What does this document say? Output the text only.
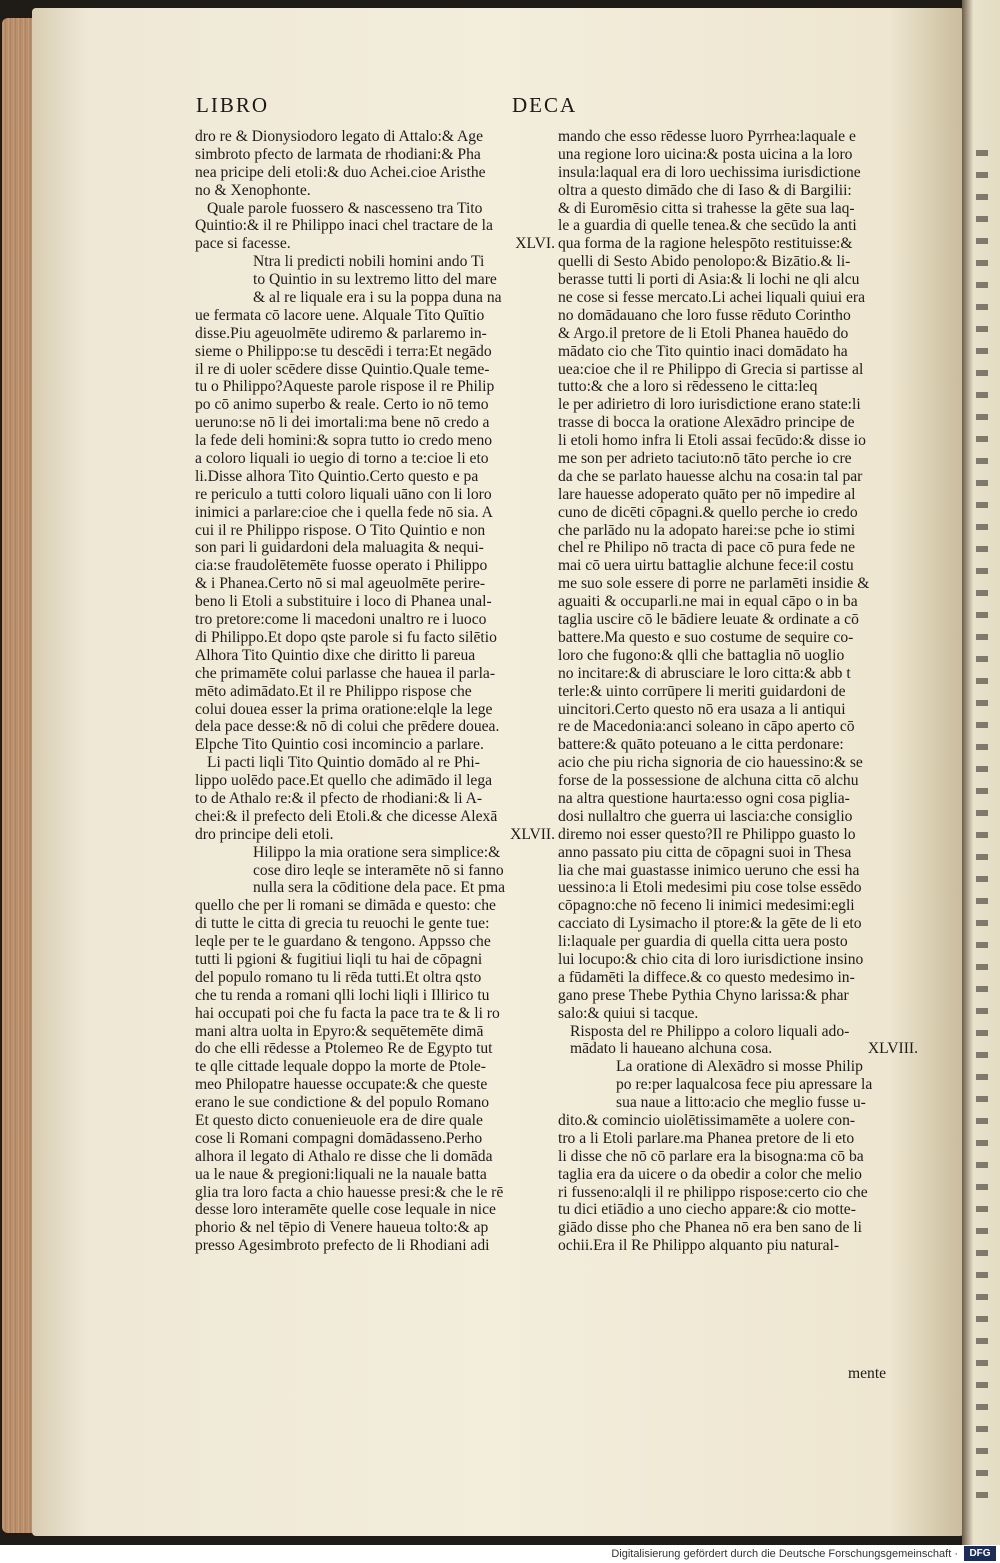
LIBRO	DECA
dro re & Dionysiodoro legato di Attalo:& Age
simbroto pfecto de larmata de rhodiani:& Pha
nea pricipe deli etoli:& duo Achei.cioe Aristhe
no & Xenophonte.
Quale parole fuossero & nascesseno tra Tito
Quintio:& il re Philippo inaci chel tractare de la
pace si facesse.	XLVI.
Ntra li predicti nobili homini ando Ti
to Quintio in su lextremo litto del mare
& al re liquale era i su la poppa duna na
ue fermata cō lacore uene. Alquale Tito Quītio
disse.Piu ageuolmēte udiremo & parlaremo in-
sieme o Philippo:se tu descēdi i terra:Et negādo
il re di uoler scēdere disse Quintio.Quale teme-
tu o Philippo?Aqueste parole rispose il re Philip
po cō animo superbo & reale. Certo io nō temo
ueruno:se nō li dei imortali:ma bene nō credo a
la fede deli homini:& sopra tutto io credo meno
a coloro liquali io uegio di torno a te:cioe li eto
li.Disse alhora Tito Quintio.Certo questo e pa
re periculo a tutti coloro liquali uāno con li loro
inimici a parlare:cioe che i quella fede nō sia. A
cui il re Philippo rispose. O Tito Quintio e non
son pari li guidardoni dela maluagita & nequi-
cia:se fraudolētemēte fuosse operato i Philippo
& i Phanea.Certo nō si mal ageuolmēte perire-
beno li Etoli a substituire i loco di Phanea unal-
tro pretore:come li macedoni unaltro re i luoco
di Philippo.Et dopo qste parole si fu facto silētio
Alhora Tito Quintio dixe che diritto li pareua
che primamēte colui parlasse che hauea il parla-
mēto adimādato.Et il re Philippo rispose che
colui douea esser la prima oratione:elqle la lege
dela pace desse:& nō di colui che prēdere douea.
Elpche Tito Quintio cosi incomincio a parlare.
Li pacti liqli Tito Quintio domādo al re Phi-
lippo uolēdo pace.Et quello che adimādo il lega
to de Athalo re:& il pfecto de rhodiani:& li A-
chei:& il prefecto deli Etoli.& che dicesse Alexā
dro principe deli etoli.	XLVII.
Hilippo la mia oratione sera simplice:&
cose diro leqle se interamēte nō si fanno
nulla sera la cōditione dela pace. Et pma
quello che per li romani se dimāda e questo: che
di tutte le citta di grecia tu reuochi le gente tue:
leqle per te le guardano & tengono. Appsso che
tutti li pgioni & fugitiui liqli tu hai de cōpagni
del populo romano tu li rēda tutti.Et oltra qsto
che tu renda a romani qlli lochi liqli i Illirico tu
hai occupati poi che fu facta la pace tra te & li ro
mani altra uolta in Epyro:& sequētemēte dimā
do che elli rēdesse a Ptolemeo Re de Egypto tut
te qlle cittade lequale doppo la morte de Ptole-
meo Philopatre hauesse occupate:& che queste
erano le sue condictione & del populo Romano
Et questo dicto conuenieuole era de dire quale
cose li Romani compagni domādasseno.Perho
alhora il legato di Athalo re disse che li domāda
ua le naue & pregioni:liquali ne la nauale batta
glia tra loro facta a chio hauesse presi:& che le rē
desse loro interamēte quelle cose lequale in nice
phorio & nel tēpio di Venere haueua tolto:& ap
presso Agesimbroto prefecto de li Rhodiani adi
mando che esso rēdesse luoro Pyrrhea:laquale e
una regione loro uicina:& posta uicina a la loro
insula:laqual era di loro uechissima iurisdictione
oltra a questo dimādo che di Iaso & di Bargilii:
& di Euromēsio citta si trahesse la gēte sua laq-
le a guardia di quelle tenea.& che secūdo la anti
qua forma de la ragione helespōto restituisse:&
quelli di Sesto Abido penolopo:& Bizātio.& li-
berasse tutti li porti di Asia:& li lochi ne qli alcu
ne cose si fesse mercato.Li achei liquali quiui era
no domādauano che loro fusse rēduto Corintho
& Argo.il pretore de li Etoli Phanea hauēdo do
mādato cio che Tito quintio inaci domādato ha
uea:cioe che il re Philippo di Grecia si partisse al
tutto:& che a loro si rēdesseno le citta:leq
le per adirietro di loro iurisdictione erano state:li
trasse di bocca la oratione Alexādro principe de
li etoli homo infra li Etoli assai fecūdo:& disse io
me son per adrieto taciuto:nō tāto perche io cre
da che se parlato hauesse alchu na cosa:in tal par
lare hauesse adoperato quāto per nō impedire al
cuno de dicēti cōpagni.& quello perche io credo
che parlādo nu la adopato harei:se pche io stimi
chel re Philipo nō tracta di pace cō pura fede ne
mai cō uera uirtu battaglie alchune fece:il costu
me suo sole essere di porre ne parlamēti insidie &
aguaiti & occuparli.ne mai in equal cāpo o in ba
taglia uscire cō le bādiere leuate & ordinate a cō
battere.Ma questo e suo costume de sequire co-
loro che fugono:& qlli che battaglia nō uoglio
no incitare:& di abrusciare le loro citta:& abb t
terle:& uinto corrūpere li meriti guidardoni de
uincitori.Certo questo nō era usaza a li antiqui
re de Macedonia:anci soleano in cāpo aperto cō
battere:& quāto poteuano a le citta perdonare:
acio che piu richa signoria de cio hauessino:& se
forse de la possessione de alchuna citta cō alchu
na altra questione haurta:esso ogni cosa piglia-
dosi nullaltro che guerra ui lascia:che consiglio
diremo noi esser questo?Il re Philippo guasto lo
anno passato piu citta de cōpagni suoi in Thesa
lia che mai guastasse inimico ueruno che essi ha
uessino:a li Etoli medesimi piu cose tolse essēdo
cōpagno:che nō feceno li inimici medesimi:egli
cacciato di Lysimacho il ptore:& la gēte de li eto
li:laquale per guardia di quella citta uera posto
lui locupo:& chio cita di loro iurisdictione insino
a fūdamēti la diffece.& co questo medesimo in-
gano prese Thebe Pythia Chyno larissa:& phar
salo:& quiui si tacque.
Risposta del re Philippo a coloro liquali ado-
mādato li haueano alchuna cosa.	XLVIII.
La oratione di Alexādro si mosse Philip
po re:per laqualcosa fece piu apressare la
sua naue a litto:acio che meglio fusse u-
dito.& comincio uiolētissimamēte a uolere con-
tro a li Etoli parlare.ma Phanea pretore de li eto
li disse che nō cō parlare era la bisogna:ma cō ba
taglia era da uicere o da obedir a color che melio
ri fusseno:alqli il re philippo rispose:certo cio che
tu dici etiādio a uno ciecho appare:& cio motte-
giādo disse pho che Phanea nō era ben sano de li
ochii.Era il Re Philippo alquanto piu natural-
mente
Digitalisierung gefördert durch die Deutsche Forschungsgemeinschaft ·	DFG
